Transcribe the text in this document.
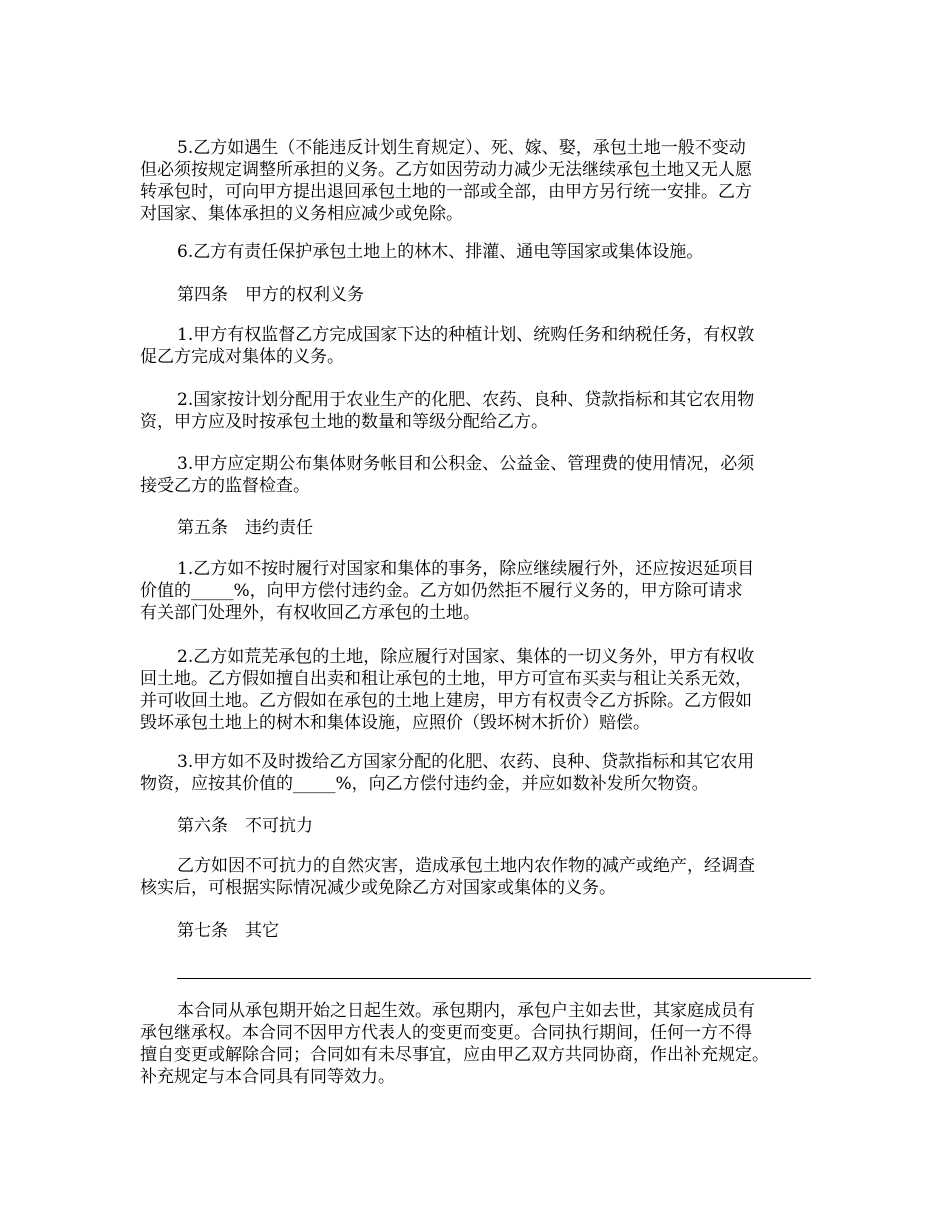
5.乙方如遇生（不能违反计划生育规定）、死、嫁、娶，承包土地一般不变动
但必须按规定调整所承担的义务。乙方如因劳动力减少无法继续承包土地又无人愿
转承包时，可向甲方提出退回承包土地的一部或全部，由甲方另行统一安排。乙方
对国家、集体承担的义务相应减少或免除。
6.乙方有责任保护承包土地上的林木、排灌、通电等国家或集体设施。
第四条　甲方的权利义务
1.甲方有权监督乙方完成国家下达的种植计划、统购任务和纳税任务，有权敦
促乙方完成对集体的义务。
2.国家按计划分配用于农业生产的化肥、农药、良种、贷款指标和其它农用物
资，甲方应及时按承包土地的数量和等级分配给乙方。
3.甲方应定期公布集体财务帐目和公积金、公益金、管理费的使用情况，必须
接受乙方的监督检查。
第五条　违约责任
1.乙方如不按时履行对国家和集体的事务，除应继续履行外，还应按迟延项目
价值的_____%，向甲方偿付违约金。乙方如仍然拒不履行义务的，甲方除可请求
有关部门处理外，有权收回乙方承包的土地。
2.乙方如荒芜承包的土地，除应履行对国家、集体的一切义务外，甲方有权收
回土地。乙方假如擅自出卖和租让承包的土地，甲方可宣布买卖与租让关系无效，
并可收回土地。乙方假如在承包的土地上建房，甲方有权责令乙方拆除。乙方假如
毁坏承包土地上的树木和集体设施，应照价（毁坏树木折价）赔偿。
3.甲方如不及时拨给乙方国家分配的化肥、农药、良种、贷款指标和其它农用
物资，应按其价值的_____%，向乙方偿付违约金，并应如数补发所欠物资。
第六条　不可抗力
乙方如因不可抗力的自然灾害，造成承包土地内农作物的减产或绝产，经调查
核实后，可根据实际情况减少或免除乙方对国家或集体的义务。
第七条　其它
本合同从承包期开始之日起生效。承包期内，承包户主如去世，其家庭成员有
承包继承权。本合同不因甲方代表人的变更而变更。合同执行期间，任何一方不得
擅自变更或解除合同；合同如有未尽事宜，应由甲乙双方共同协商，作出补充规定。
补充规定与本合同具有同等效力。
